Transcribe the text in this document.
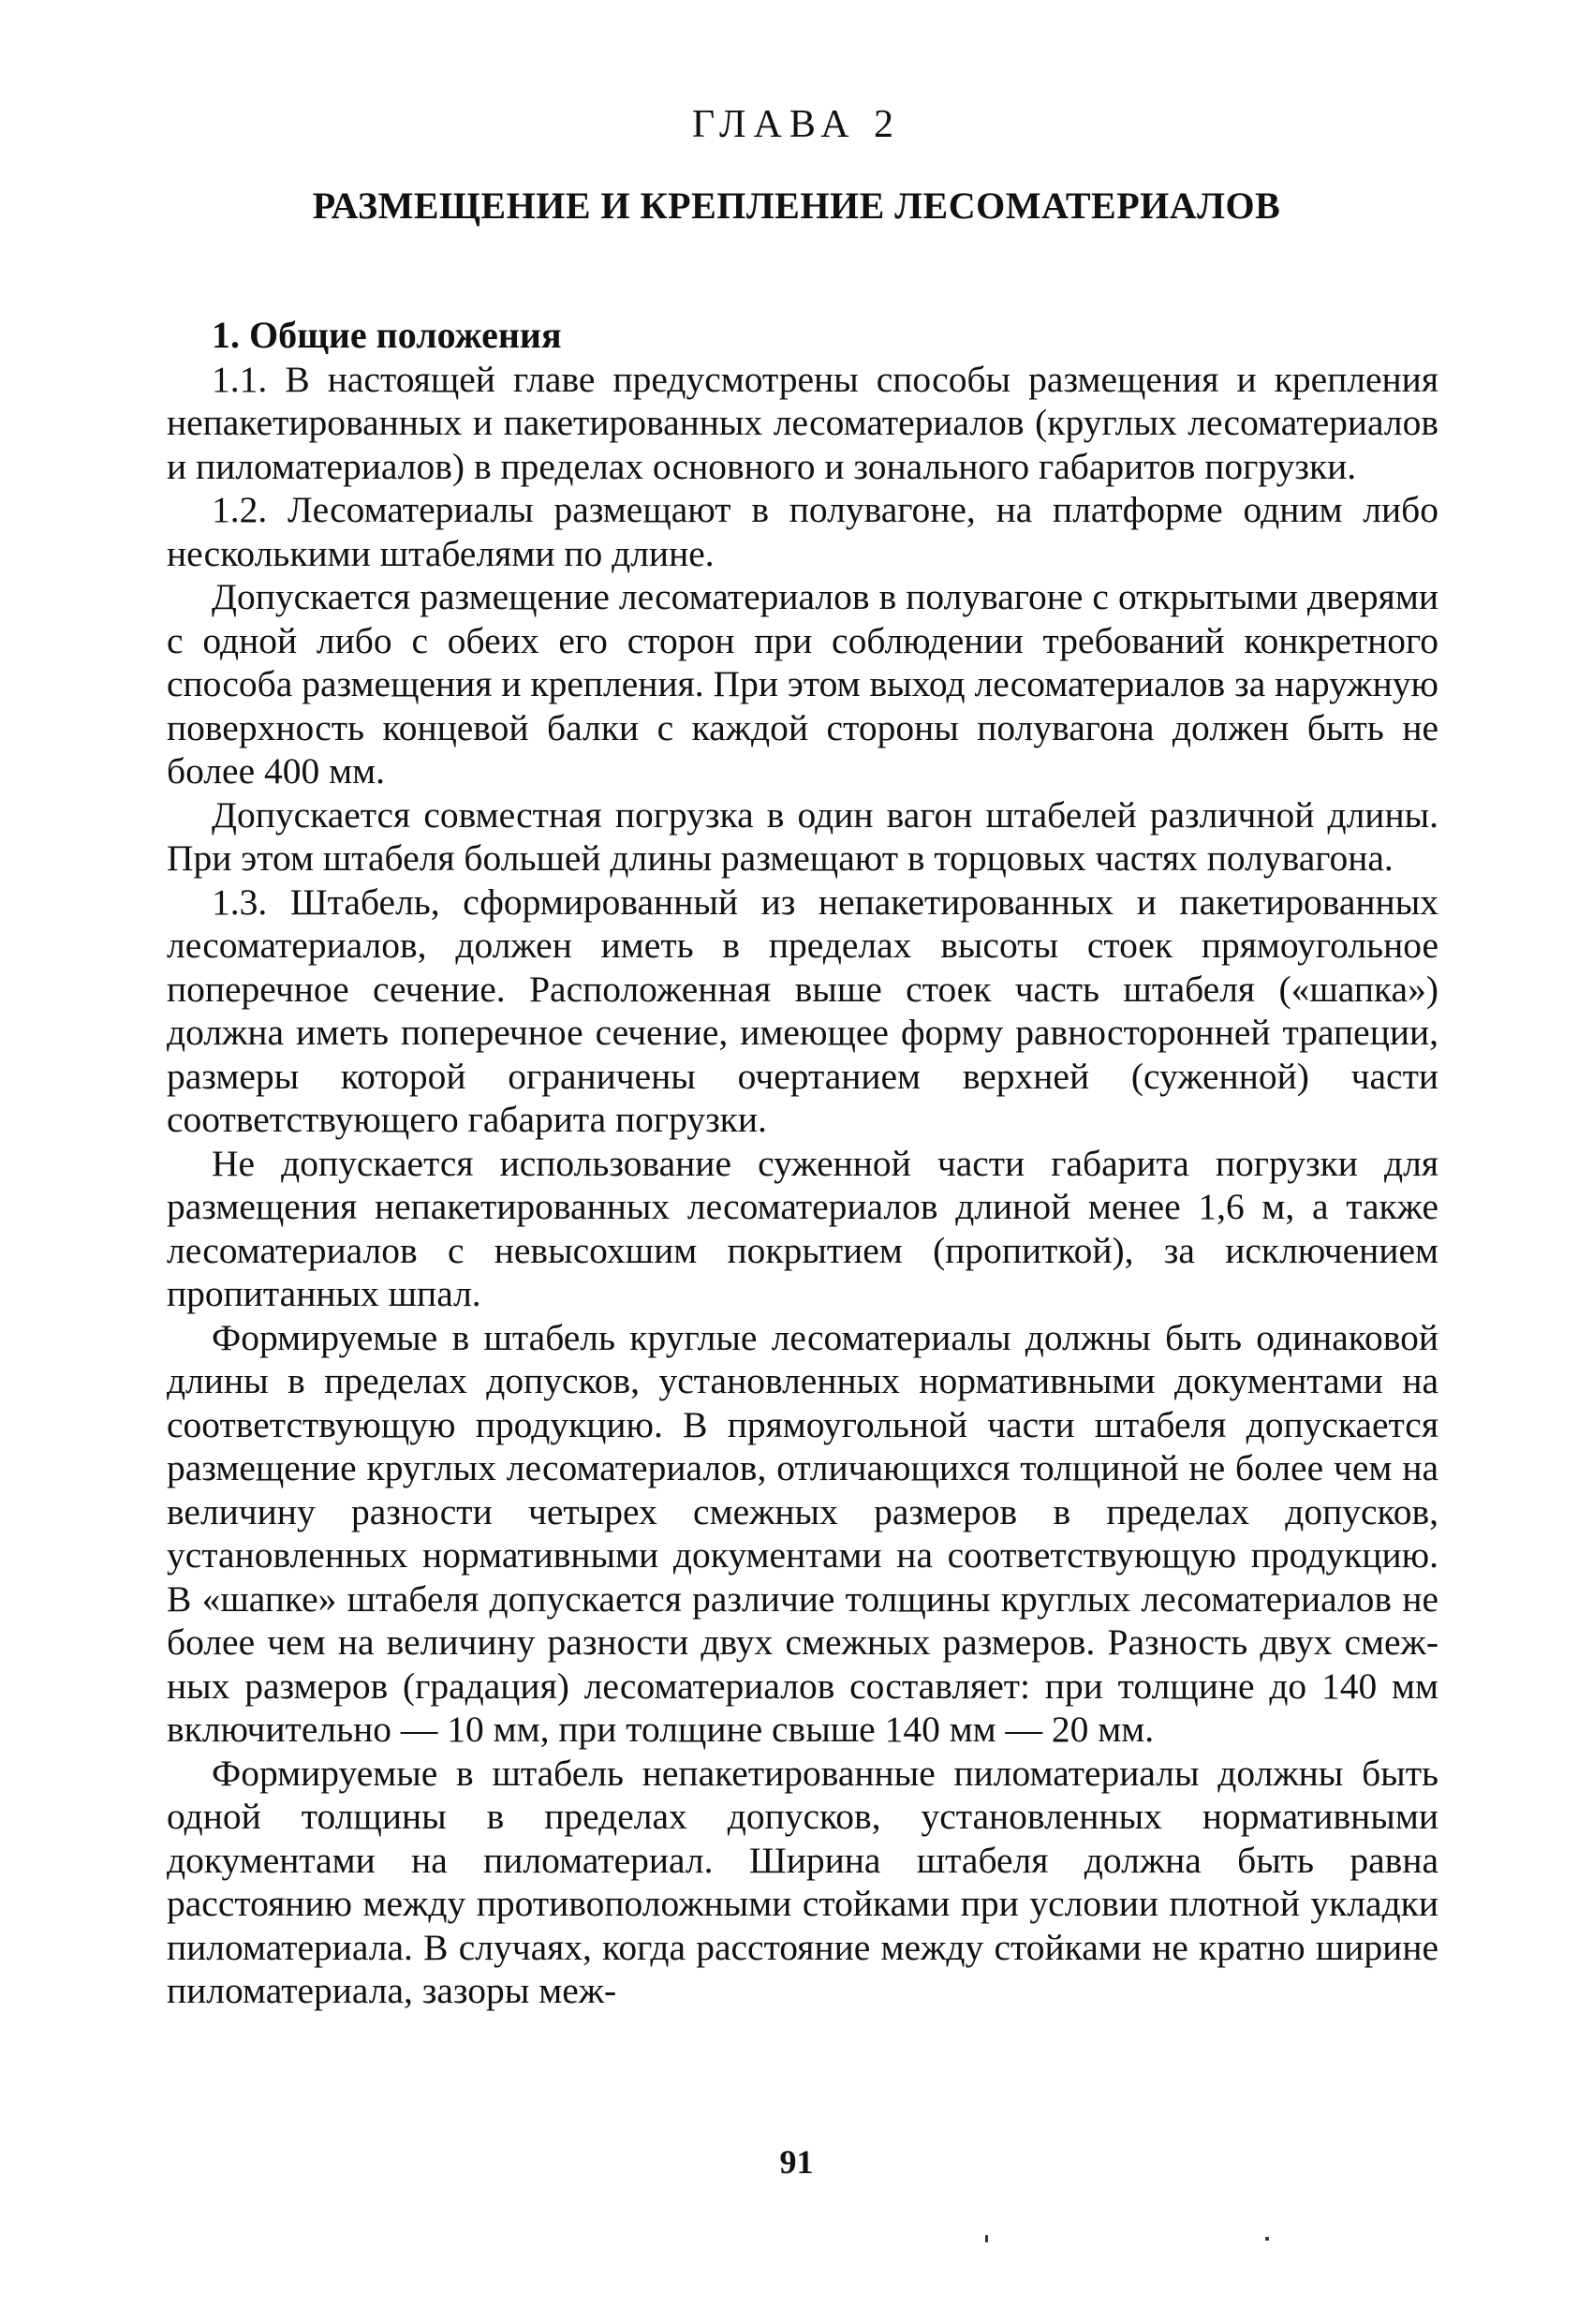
ГЛАВА 2
РАЗМЕЩЕНИЕ И КРЕПЛЕНИЕ ЛЕСОМАТЕРИАЛОВ

1. Общие положения

1.1. В настоящей главе предусмотрены способы размещения и крепления непакетированных и пакетированных лесоматериалов (круглых лесоматериалов и пиломатериалов) в пределах основного и зонального габаритов погрузки.

1.2. Лесоматериалы размещают в полувагоне, на платформе одним либо несколькими штабелями по длине.

Допускается размещение лесоматериалов в полувагоне с открытыми дверями с одной либо с обеих его сторон при соблюдении требований конкретного способа размещения и крепления. При этом выход лесоматериалов за наружную поверхность концевой балки с каждой стороны полувагона должен быть не более 400 мм.

Допускается совместная погрузка в один вагон штабелей различной длины. При этом штабеля большей длины размещают в торцовых частях полувагона.

1.3. Штабель, сформированный из непакетированных и пакетированных лесоматериалов, должен иметь в пределах высоты стоек прямоугольное поперечное сечение. Расположенная выше стоек часть штабеля («шапка») должна иметь поперечное сечение, имеющее форму равносторонней трапеции, размеры которой ограничены очертанием верхней (суженной) части соответствующего габарита погрузки.

Не допускается использование суженной части габарита погрузки для размещения непакетированных лесоматериалов длиной менее 1,6 м, а также лесоматериалов с невысохшим покрытием (пропиткой), за исключением пропитанных шпал.

Формируемые в штабель круглые лесоматериалы должны быть одинаковой длины в пределах допусков, установленных нормативными документами на соответствующую продукцию. В прямоугольной части штабеля допускается размещение круглых лесоматериалов, отличающихся толщиной не более чем на величину разности четырех смежных размеров в пределах допусков, установленных нормативными документами на соответствующую продукцию. В «шапке» штабеля допускается различие толщины круглых лесоматериалов не более чем на величину разности двух смежных размеров. Разность двух смежных размеров (градация) лесоматериалов составляет: при толщине до 140 мм включительно — 10 мм, при толщине свыше 140 мм — 20 мм.

Формируемые в штабель непакетированные пиломатериалы должны быть одной толщины в пределах допусков, установленных нормативными документами на пиломатериал. Ширина штабеля должна быть равна расстоянию между противоположными стойками при условии плотной укладки пиломатериала. В случаях, когда расстояние между стойками не кратно ширине пиломатериала, зазоры меж-

91
